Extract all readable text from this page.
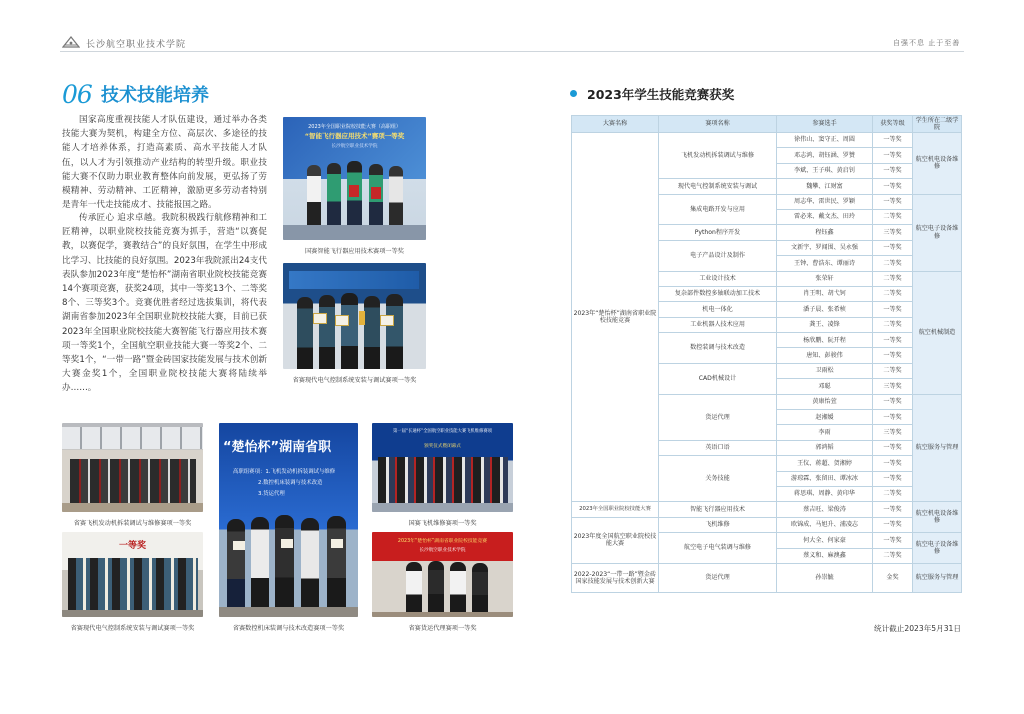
长沙航空职业技术学院	自强不息 止于至善
06 技术技能培养

国家高度重视技能人才队伍建设，通过举办各类技能大赛为契机，构建全方位、高层次、多途径的技能人才培养体系，打造高素质、高水平技能人才队伍，以人才为引领推动产业结构的转型升级。职业技能大赛不仅助力职业教育整体向前发展，更弘扬了劳模精神、劳动精神、工匠精神，激励更多劳动者特别是青年一代走技能成才、技能报国之路。

传承匠心 追求卓越。我院积极践行航修精神和工匠精神，以职业院校技能竞赛为抓手，营造“以赛促教，以赛促学，赛教结合”的良好氛围，在学生中形成比学习、比技能的良好氛围。2023年我院派出24支代表队参加2023年度“楚怡杯”湖南省职业院校技能竞赛14个赛项竞赛，获奖24项，其中一等奖13个、二等奖8个、三等奖3个。竞赛优胜者经过选拔集训，将代表湖南省参加2023年全国职业院校技能大赛，目前已获2023年全国职业院校技能大赛智能飞行器应用技术赛项一等奖1个，全国航空职业技能大赛一等奖2个、二等奖1个，“一带一路”暨金砖国家技能发展与技术创新大赛金奖1个，全国职业院校技能大赛将陆续举办……。

2023年全国职业院校技能大赛（高职组）
“智能飞行器应用技术”赛项一等奖
长沙航空职业技术学院
国赛智能飞行器应用技术赛项一等奖
省赛现代电气控制系统安装与调试赛项一等奖
省赛飞机发动机拆装调试与维修赛项一等奖
“楚怡杯”湖南省职
高职组赛项：1.飞机发动机拆装调试与维修
2.数控机床装调与技术改造
3.货运代理
省赛数控机床装调与技术改造赛项一等奖
第一届“长通杯”全国航空职业技能大赛飞机维修赛项
颁奖仪式暨闭幕式
国赛飞机维修赛项一等奖
一等奖
省赛现代电气控制系统安装与调试赛项一等奖
2023年“楚怡杯”湖南省职业院校技能竞赛
长沙航空职业技术学院
省赛货运代理赛项一等奖
2023年学生技能竞赛获奖
大赛名称	赛项名称	参赛选手	获奖等级	学生所在二级学院
2023年“楚怡杯”湖南省职业院校技能竞赛	飞机发动机拆装调试与维修	徐伟山、窦守正、周圆	一等奖	航空机电设备维修
		邓志鸿、胡钰涵、罗赞	一等奖	
		李斌、王子琪、黄启钊	一等奖	
	现代电气控制系统安装与调试	魏攀、江财富	一等奖	
	集成电路开发与应用	周志华、雷世民、罗颖	一等奖	航空电子设备维修
		雷必来、戴文杰、田玲	二等奖	
	Python程序开发	程钰鑫	三等奖	
	电子产品设计及制作	文新宇、罗闻围、吴永强	一等奖	
		王钟、曹浩东、谭丽诗	二等奖	
	工业设计技术	张荣轩	二等奖	航空机械制造
	复杂部件数控多轴联动加工技术	肖王明、胡弋钶	二等奖	
	机电一体化	潘子晨、张希桢	一等奖	
	工业机器人技术应用	龚王、凌锋	二等奖	
	数控装调与技术改造	杨欣鹏、阮开程	一等奖	
		唐知、彭骏伟	一等奖	
	CAD机械设计	卫雨松	二等奖	
		邓聪	三等奖	
	货运代理	黄康怡萱	一等奖	航空服务与管理
		赵湘媛	一等奖	
		李雨	三等奖	
	英语口语	郭鸿韬	一等奖	
	关务技能	王仪、蒋超、贺湘婷	一等奖	
		游琼霖、张留田、谭冰冰	一等奖	
		蒋思琪、周静、黄印华	二等奖	
2023年全国职业院校技能大赛	智能飞行器应用技术	蔡吉旺、梁俊涛	一等奖	航空机电设备维修
2023年度全国航空职业院校技能大赛	飞机维修	欧锦成、马旭升、浦凌志	一等奖	
	航空电子电气装调与维修	何大全、何家豪	一等奖	航空电子设备维修
		蔡义和、麻澳鑫	二等奖	
2022-2023“一带一路”暨金砖国家技能发展与技术创新大赛	货运代理	孙崇毓	金奖	航空服务与管理
统计截止2023年5月31日
